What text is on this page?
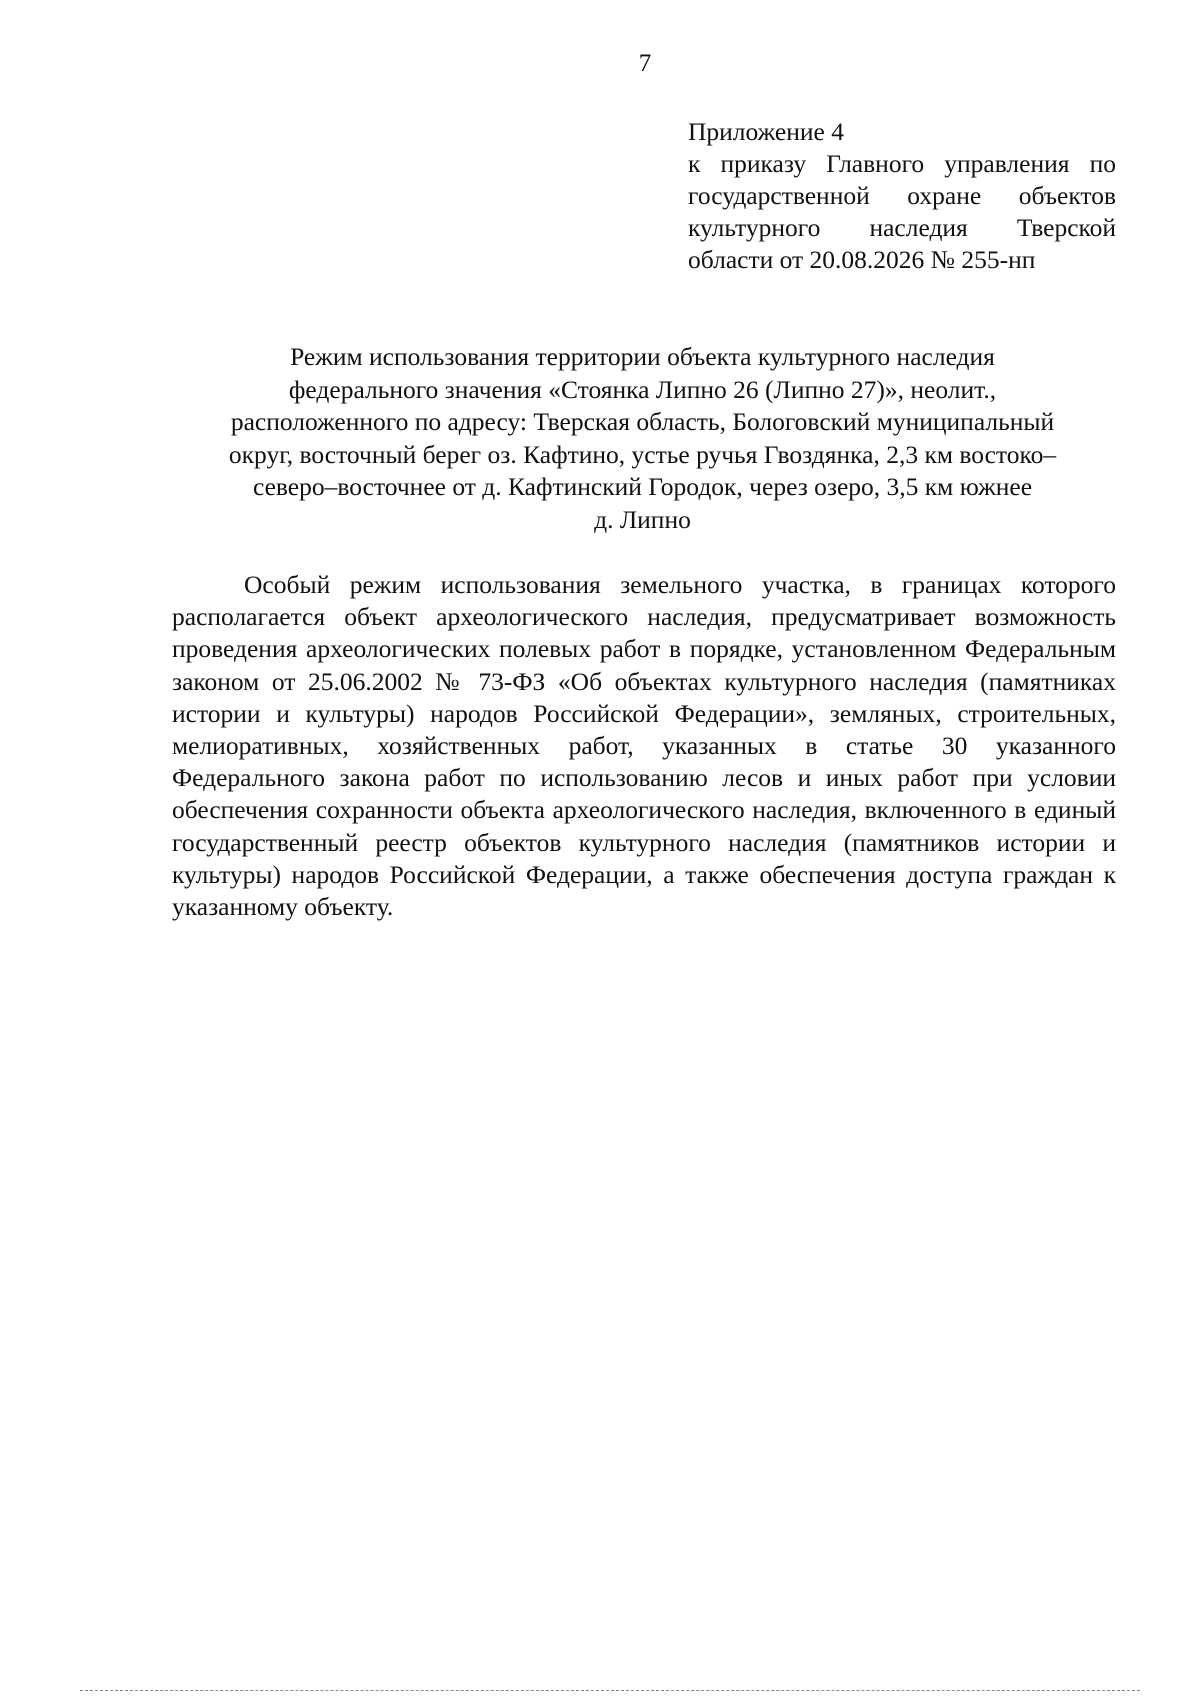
7
Приложение 4
к приказу Главного управления по государственной охране объектов культурного наследия Тверской области от 20.08.2026 № 255-нп
Режим использования территории объекта культурного наследия
федерального значения «Стоянка Липно 26 (Липно 27)», неолит.,
расположенного по адресу: Тверская область, Бологовский муниципальный
округ, восточный берег оз. Кафтино, устье ручья Гвоздянка, 2,3 км востоко–
северо–восточнее от д. Кафтинский Городок, через озеро, 3,5 км южнее
д. Липно

Особый режим использования земельного участка, в границах которого располагается объект археологического наследия, предусматривает возможность проведения археологических полевых работ в порядке, установленном Федеральным законом от 25.06.2002 № 73-ФЗ «Об объектах культурного наследия (памятниках истории и культуры) народов Российской Федерации», земляных, строительных, мелиоративных, хозяйственных работ, указанных в статье 30 указанного Федерального закона работ по использованию лесов и иных работ при условии обеспечения сохранности объекта археологического наследия, включенного в единый государственный реестр объектов культурного наследия (памятников истории и культуры) народов Российской Федерации, а также обеспечения доступа граждан к указанному объекту.
